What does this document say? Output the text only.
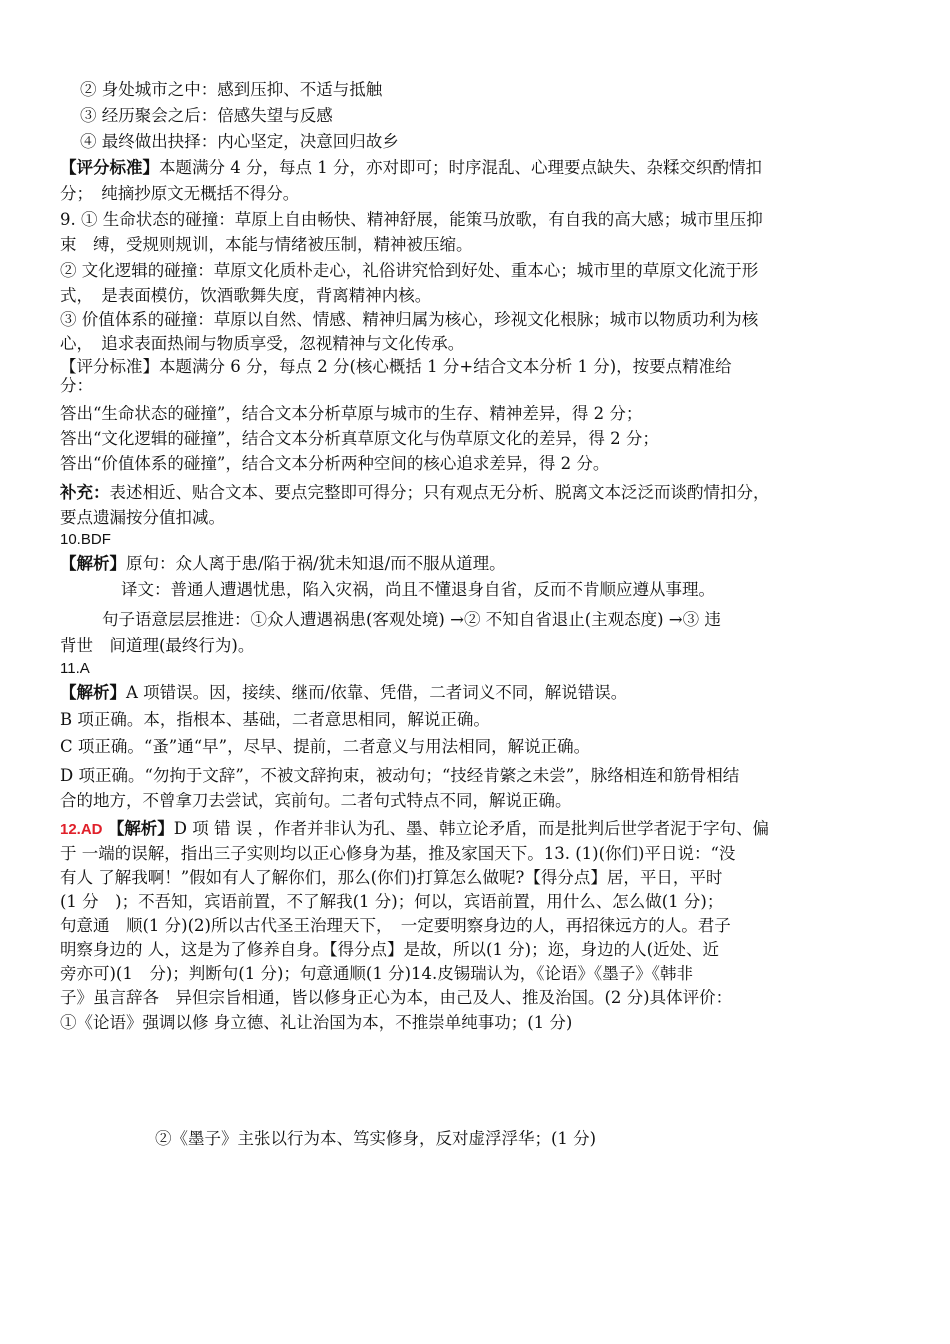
② 身处城市之中：感到压抑、不适与抵触
③ 经历聚会之后：倍感失望与反感
④ 最终做出抉择：内心坚定，决意回归故乡
【评分标准】本题满分 4 分，每点 1 分，亦对即可；时序混乱、心理要点缺失、杂糅交织酌情扣
分；　纯摘抄原文无概括不得分。
9. ① 生命状态的碰撞：草原上自由畅快、精神舒展，能策马放歌，有自我的高大感；城市里压抑
束　缚，受规则规训，本能与情绪被压制，精神被压缩。
② 文化逻辑的碰撞：草原文化质朴走心，礼俗讲究恰到好处、重本心；城市里的草原文化流于形
式，　是表面模仿，饮酒歌舞失度，背离精神内核。
③ 价值体系的碰撞：草原以自然、情感、精神归属为核心，珍视文化根脉；城市以物质功利为核
心，　追求表面热闹与物质享受，忽视精神与文化传承。
【评分标准】本题满分 6 分，每点 2 分(核心概括 1 分+结合文本分析 1 分)，按要点精准给
分：
答出“生命状态的碰撞”，结合文本分析草原与城市的生存、精神差异，得 2 分；
答出“文化逻辑的碰撞”，结合文本分析真草原文化与伪草原文化的差异，得 2 分；
答出“价值体系的碰撞”，结合文本分析两种空间的核心追求差异，得 2 分。
补充：表述相近、贴合文本、要点完整即可得分；只有观点无分析、脱离文本泛泛而谈酌情扣分，
要点遗漏按分值扣减。
10.BDF
【解析】原句：众人离于患/陷于祸/犹未知退/而不服从道理。
译文：普通人遭遇忧患，陷入灾祸，尚且不懂退身自省，反而不肯顺应遵从事理。
句子语意层层推进：①众人遭遇祸患(客观处境) →② 不知自省退止(主观态度) →③ 违
背世　间道理(最终行为)。
11.A
【解析】A 项错误。因，接续、继而/依靠、凭借，二者词义不同，解说错误。
B 项正确。本，指根本、基础，二者意思相同，解说正确。
C 项正确。“蚤”通“早”，尽早、提前，二者意义与用法相同，解说正确。
D 项正确。“勿拘于文辞”，不被文辞拘束，被动句；“技经肯綮之未尝”，脉络相连和筋骨相结
合的地方，不曾拿刀去尝试，宾前句。二者句式特点不同，解说正确。
12.AD 【解析】D 项 错 误 ，作者并非认为孔、墨、韩立论矛盾，而是批判后世学者泥于字句、偏
于 一端的误解，指出三子实则均以正心修身为基，推及家国天下。13. (1)(你们)平日说：“没
有人 了解我啊！”假如有人了解你们，那么(你们)打算怎么做呢?【得分点】居，平日，平时
(1 分　)；不吾知，宾语前置，不了解我(1 分)；何以，宾语前置，用什么、怎么做(1 分)；
句意通　顺(1 分)(2)所以古代圣王治理天下，　一定要明察身边的人，再招徕远方的人。君子
明察身边的 人，这是为了修养自身。【得分点】是故，所以(1 分)；迩，身边的人(近处、近
旁亦可)(1　分)；判断句(1 分)；句意通顺(1 分)14.皮锡瑞认为，《论语》《墨子》《韩非
子》虽言辞各　异但宗旨相通，皆以修身正心为本，由己及人、推及治国。(2 分)具体评价：
①《论语》强调以修 身立德、礼让治国为本，不推崇单纯事功；(1 分)
②《墨子》主张以行为本、笃实修身，反对虚浮浮华；(1 分)
